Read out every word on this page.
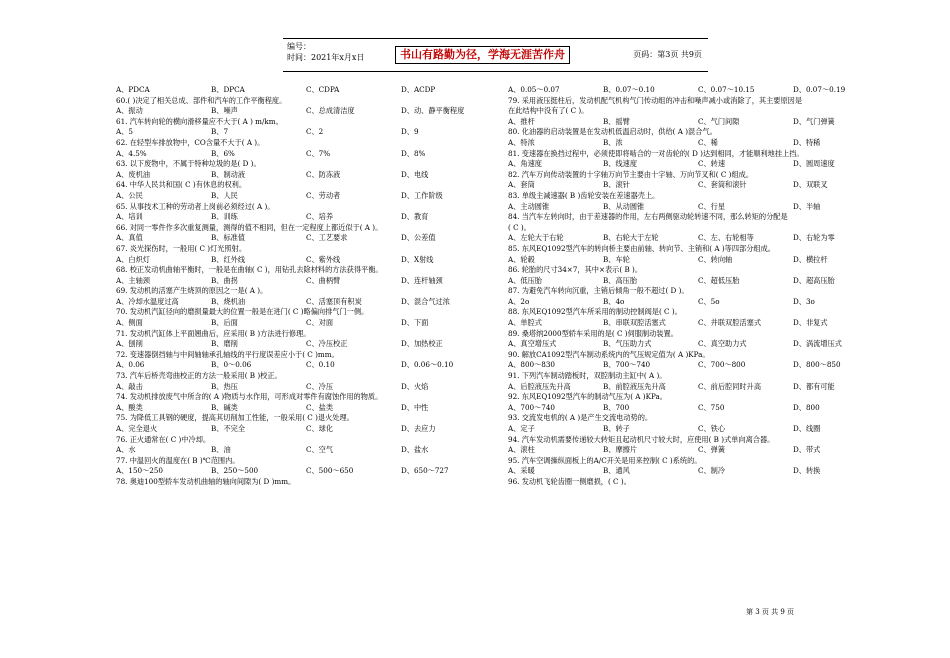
编号：
时间：2021年x月x日	书山有路勤为径，学海无涯苦作舟	页码：第3页 共9页
A、PDCA	B、DPCA	C、CDPA	D、ACDP
60.( )决定了相关总成、部件和汽车的工作平衡程度。
A、振动	B、噪声	C、总成清洁度	D、动、静平衡程度
61. 汽车转向轮的横向滑移量应不大于( A ) m/km。
A、5	B、7	C、2	D、9
62. 在轻型车排放物中，CO含量不大于( A )。
A、4.5%	B、6%	C、7%	D、8%
63. 以下废物中，不属于特种垃圾的是( D )。
A、废机油	B、制动液	C、防冻液	D、电线
64. 中华人民共和国( C )有休息的权利。
A、公民	B、人民	C、劳动者	D、工作阶级
65. 从事技术工种的劳动者上岗前必须经过( A )。
A、培训	B、训练	C、培养	D、教育
66. 对同一零件作多次重复测量，测得的值不相同，但在一定程度上都近似于( A )。
A、真值	B、标准值	C、工艺要求	D、公差值
67. 炎光探伤时，一般用( C )灯光照射。
A、白炽灯	B、红外线	C、紫外线	D、X射线
68. 校正发动机曲轴平衡时，一般是在曲轴( C )，用钻孔去除材料的方法获得平衡。
A、主轴颈	B、曲拐	C、曲柄臂	D、连杆轴颈
69. 发动机的活塞产生烧顶的原因之一是( A )。
A、冷却水温度过高	B、烧机油	C、活塞顶有积炭	D、混合气过浓
70. 发动机汽缸径向的磨损量最大的位置一般是在进门( C )略偏向排气门一侧。
A、侧面	B、后面	C、对面	D、下面
71. 发动机汽缸体上平面翘曲后，应采用( B )方法进行修理。
A、刨削	B、磨削	C、冷压校正	D、加热校正
72. 变速器倒挡轴与中间轴轴承孔轴线的平行度误差应小于( C )mm。
A、0.06	B、0～0.06	C、0.10	D、0.06～0.10
73. 汽车后桥壳弯曲校正的方法一般采用( B )校正。
A、敲击	B、热压	C、冷压	D、火焰
74. 发动机排放废气中所含的( A )物质与水作用，可形成对零件有腐蚀作用的物质。
A、酸类	B、碱类	C、盐类	D、中性
75. 为降低工具钢的硬度，提高其切削加工性能，一般采用( C )退火处理。
A、完全退火	B、不完全	C、球化	D、去应力
76. 正火通常在( C )中冷却。
A、水	B、油	C、空气	D、盐水
77. 中温回火的温度在( B )℃范围内。
A、150～250	B、250～500	C、500～650	D、650～727
78. 奥迪100型轿车发动机曲轴的轴向间隙为( D )mm。
A、0.05～0.07	B、0.07～0.10	C、0.07～10.15	D、0.07～0.19
79. 采用液压挺柱后，发动机配气机构气门传动组的冲击和噪声减小或消除了，其主要原因是
在此结构中没有了( C )。
A、推杆	B、摇臂	C、气门间隙	D、气门弹簧
80. 化油器的启动装置是在发动机低温启动时，供给( A )混合气。
A、特浓	B、浓	C、稀	D、特稀
81. 变速器在换挡过程中，必须使即将啮合的一对齿轮的( D )达到相同，才能顺利地挂上挡。
A、角速度	B、线速度	C、转速	D、圆周速度
82. 汽车万向传动装置的十字轴万向节主要由十字轴、万向节叉和( C )组成。
A、套筒	B、滚针	C、套筒和滚针	D、双联叉
83. 单级主减速器( B )齿轮安装在差速器壳上。
A、主动圆锥	B、从动圆锥	C、行星	D、半轴
84. 当汽车左转向时，由于差速器的作用，左右两侧驱动轮转速不同，那么转矩的分配是
( C )。
A、左轮大于右轮	B、右轮大于左轮	C、左、右轮相等	D、右轮为零
85. 东风EQ1092型汽车的转向桥主要由前轴、转向节、主销和( A )等四部分组成。
A、轮毂	B、车轮	C、转向轴	D、横拉杆
86. 轮胎的尺寸34×7，其中×表示( B )。
A、低压胎	B、高压胎	C、超低压胎	D、超高压胎
87. 为避免汽车转向沉重，主销后倾角一般不超过( D )。
A、2o	B、4o	C、5o	D、3o
88. 东风EQ1092型汽车所采用的制动控制阀是( C )。
A、单腔式	B、串联双腔活塞式	C、并联双腔活塞式	D、非复式
89. 桑塔纳2000型轿车采用的是( C )伺服制动装置。
A、真空增压式	B、气压助力式	C、真空助力式	D、涡流增压式
90. 解放CA1092型汽车制动系统内的气压规定值为( A )KPa。
A、800～830	B、700～740	C、700～800	D、800～850
91. 下列汽车制动踏板时，双腔制动主缸中( A )。
A、后腔液压先升高	B、前腔液压先升高	C、前后腔同时升高	D、都有可能
92. 东风EQ1092型汽车的制动气压为( A )KPa。
A、700～740	B、700	C、750	D、800
93. 交流发电机的( A )是产生交流电动势的。
A、定子	B、转子	C、铁心	D、线圈
94. 汽车发动机需要传递较大转矩且起动机尺寸较大时，应使用( B )式单向离合器。
A、滚柱	B、摩擦片	C、弹簧	D、带式
95. 汽车空调操纵面板上的A/C开关是用来控制( C )系统的。
A、采暖	B、通风	C、制冷	D、转换
96. 发动机飞轮齿圈一侧磨损，( C )。
第 3 页 共 9 页
